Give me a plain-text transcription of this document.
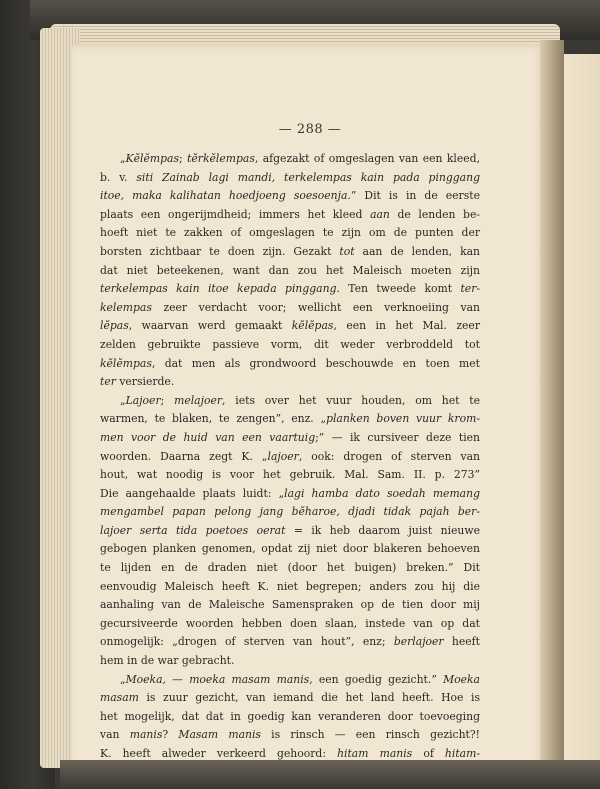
— 288 —
„Kĕlĕmpas; tĕrkĕlempas, afgezakt of omgeslagen van een kleed,
b. v. siti Zainab lagi mandi, terkelempas kain pada pinggang
itoe, maka kalihatan hoedjoeng soesoenja.” Dit is in de eerste
plaats een ongerijmdheid; immers het kleed aan de lenden be-
hoeft niet te zakken of omgeslagen te zijn om de punten der
borsten zichtbaar te doen zijn. Gezakt tot aan de lenden, kan
dat niet beteekenen, want dan zou het Maleisch moeten zijn
terkelempas kain itoe kepada pinggang. Ten tweede komt ter-
kelempas zeer verdacht voor; wellicht een verknoeiing van
lĕpas, waarvan werd gemaakt kĕlĕpas, een in het Mal. zeer
zelden gebruikte passieve vorm, dit weder verbroddeld tot
kĕlĕmpas, dat men als grondwoord beschouwde en toen met
ter versierde.
„Lajoer; melajoer, iets over het vuur houden, om het te
warmen, te blaken, te zengen”, enz. „planken boven vuur krom-
men voor de huid van een vaartuig;” — ik cursiveer deze tien
woorden. Daarna zegt K. „lajoer, ook: drogen of sterven van
hout, wat noodig is voor het gebruik. Mal. Sam. II. p. 273”
Die aangehaalde plaats luidt: „lagi hamba dato soedah memang
mengambel papan pelong jang bĕharoe, djadi tidak pajah ber-
lajoer serta tida poetoes oerat = ik heb daarom juist nieuwe
gebogen planken genomen, opdat zij niet door blakeren behoeven
te lijden en de draden niet (door het buigen) breken.” Dit
eenvoudig Maleisch heeft K. niet begrepen; anders zou hij die
aanhaling van de Maleische Samenspraken op de tien door mij
gecursiveerde woorden hebben doen slaan, instede van op dat
onmogelijk: „drogen of sterven van hout”, enz; berlajoer heeft
hem in de war gebracht.
„Moeka, — moeka masam manis, een goedig gezicht.” Moeka
masam is zuur gezicht, van iemand die het land heeft. Hoe is
het mogelijk, dat dat in goedig kan veranderen door toevoeging
van manis? Masam manis is rinsch — een rinsch gezicht?!
K. heeft alweder verkeerd gehoord: hitam manis of hitam-
